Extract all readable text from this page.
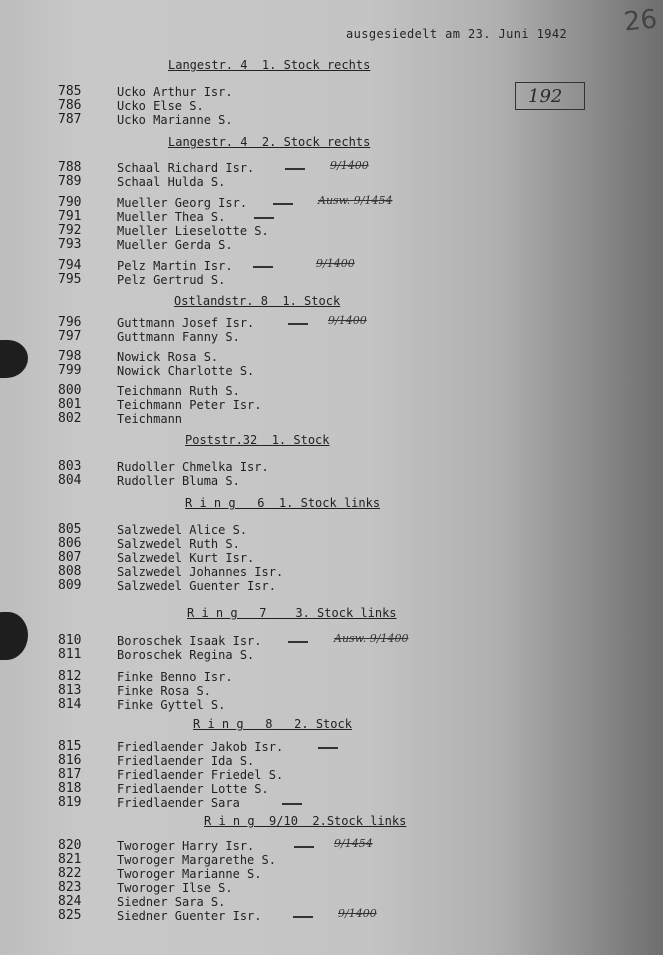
ausgesiedelt am 23. Juni 1942 26
192
Langestr. 4  1. Stock rechts
785	Ucko Arthur Isr.
786	Ucko Else S.
787	Ucko Marianne S.
Langestr. 4  2. Stock rechts
788	Schaal Richard Isr.	9/1400
789	Schaal Hulda S.
790	Mueller Georg Isr.	Ausw. 9/1454
791	Mueller Thea S.
792	Mueller Lieselotte S.
793	Mueller Gerda S.
794	Pelz Martin Isr.	9/1400
795	Pelz Gertrud S.
Ostlandstr. 8  1. Stock
796	Guttmann Josef Isr.	9/1400
797	Guttmann Fanny S.
798	Nowick Rosa S.
799	Nowick Charlotte S.
800	Teichmann Ruth S.
801	Teichmann Peter Isr.
802	Teichmann
Poststr.32  1. Stock
803	Rudoller Chmelka Isr.
804	Rudoller Bluma S.
R i n g   6  1. Stock links
805	Salzwedel Alice S.
806	Salzwedel Ruth S.
807	Salzwedel Kurt Isr.
808	Salzwedel Johannes Isr.
809	Salzwedel Guenter Isr.
R i n g   7    3. Stock links
810	Boroschek Isaak Isr.	Ausw. 9/1400
811	Boroschek Regina S.
812	Finke Benno Isr.
813	Finke Rosa S.
814	Finke Gyttel S.
R i n g   8   2. Stock
815	Friedlaender Jakob Isr.
816	Friedlaender Ida S.
817	Friedlaender Friedel S.
818	Friedlaender Lotte S.
819	Friedlaender Sara
R i n g  9/10  2.Stock links
820	Tworoger Harry Isr.	9/1454
821	Tworoger Margarethe S.
822	Tworoger Marianne S.
823	Tworoger Ilse S.
824	Siedner Sara S.
825	Siedner Guenter Isr.	9/1400
